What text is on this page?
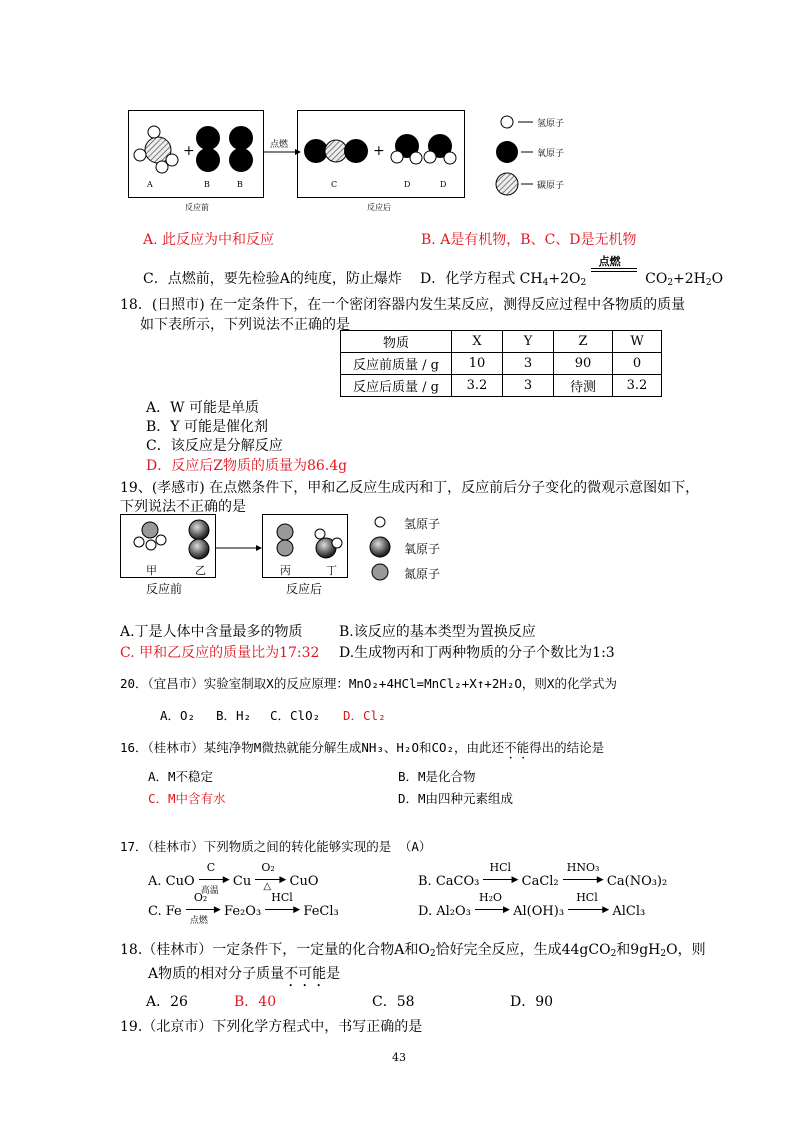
+	+
点燃
A	B	B	C	D	D
反应前	反应后
氢原子
氧原子
碳原子
A. 此反应为中和反应	B. A是有机物，B、C、D是无机物
C．点燃前，要先检验A的纯度，防止爆炸 D．化学方程式 $CH_4+2O_2$
点燃
$CO_2+2H_2O$
18．(日照市) 在一定条件下，在一个密闭容器内发生某反应，测得反应过程中各物质的质量
如下表所示，下列说法不正确的是
物质	X	Y	Z	W
反应前质量 / g	10	3	90	0
反应后质量 / g	3.2	3	待测	3.2
A．W 可能是单质
B．Y 可能是催化剂
C．该反应是分解反应
D．反应后Z物质的质量为86.4g
19、(孝感市) 在点燃条件下，甲和乙反应生成丙和丁，反应前后分子变化的微观示意图如下，
下列说法不正确的是
甲	乙	丙	丁
反应前	反应后
氢原子
氧原子
氮原子
A.丁是人体中含量最多的物质	B.该反应的基本类型为置换反应
C. 甲和乙反应的质量比为17:32 D.生成物丙和丁两种物质的分子个数比为1:3
20．（宜昌市）实验室制取X的反应原理：MnO₂+4HCl=MnCl₂+X↑+2H₂O，则X的化学式为
A．O₂ B．H₂ C．ClO₂ D．Cl₂
16．（桂林市）某纯净物M微热就能分解生成NH₃、H₂O和CO₂，由此还不能得出的结论是
A．M不稳定	B．M是化合物
C．M中含有水	D．M由四种元素组成
17．（桂林市）下列物质之间的转化能够实现的是 （A）
A. CuO
C
▶
高温
Cu
O₂
▶
△ CuO	B. CaCO₃
HCl
▶ CaCl₂
HNO₃
▶ Ca(NO₃)₂
C. Fe
O₂
▶
点燃
Fe₂O₃
HCl
▶ FeCl₃	D. Al₂O₃
H₂O
▶ Al(OH)₃
HCl
▶ AlCl₃
18.（桂林市）一定条件下，一定量的化合物A和$O_2$恰好完全反应，生成44gCO$_2$和$9gH_2O$，则
A物质的相对分子质量不可能是
A．26	B．40	C．58	D．90
19.（北京市）下列化学方程式中，书写正确的是
43
